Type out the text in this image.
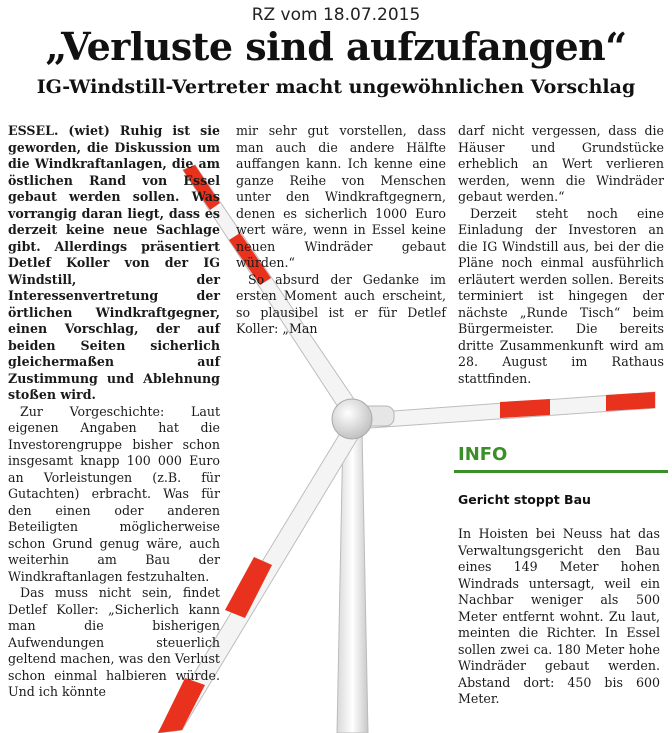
RZ vom 18.07.2015
„Verluste sind aufzufangen“
IG-Windstill-Vertreter macht ungewöhnlichen Vorschlag

ESSEL. (wiet) Ruhig ist sie geworden, die Diskussion um die Windkraftanlagen, die am östlichen Rand von Essel gebaut werden sollen. Was vorrangig daran liegt, dass es derzeit keine neue Sachlage gibt. Allerdings präsentiert Detlef Koller von der IG Windstill, der Interessenvertretung der örtlichen Windkraftgegner, einen Vorschlag, der auf beiden Seiten sicherlich gleichermaßen auf Zustimmung und Ablehnung stoßen wird.

Zur Vorgeschichte: Laut eigenen Angaben hat die Investorengruppe bisher schon insgesamt knapp 100 000 Euro an Vorleistungen (z.B. für Gutachten) erbracht. Was für den einen oder anderen Beteiligten möglicherweise schon Grund genug wäre, auch weiterhin am Bau der Windkraftanlagen festzuhalten.

Das muss nicht sein, findet Detlef Koller: „Sicherlich kann man die bisherigen Aufwendungen steuerlich geltend machen, was den Verlust schon einmal halbieren würde. Und ich könnte

mir sehr gut vorstellen, dass man auch die andere Hälfte auffangen kann. Ich kenne eine ganze Reihe von Menschen unter den Windkraftgegnern, denen es sicherlich 1000 Euro wert wäre, wenn in Essel keine neuen Windräder gebaut würden.“

So absurd der Gedanke im ersten Moment auch erscheint, so plausibel ist er für Detlef Koller: „Man

darf nicht vergessen, dass die Häuser und Grundstücke erheblich an Wert verlieren werden, wenn die Windräder gebaut werden.“

Derzeit steht noch eine Einladung der Investoren an die IG Windstill aus, bei der die Pläne noch einmal ausführlich erläutert werden sollen. Bereits terminiert ist hingegen der nächste „Runde Tisch“ beim Bürgermeister. Die bereits dritte Zusammenkunft wird am 28. August im Rathaus stattfinden.

INFO
Gericht stoppt Bau
In Hoisten bei Neuss hat das Verwaltungsgericht den Bau eines 149 Meter hohen Windrads untersagt, weil ein Nachbar weniger als 500 Meter entfernt wohnt. Zu laut, meinten die Richter. In Essel sollen zwei ca. 180 Meter hohe Windräder gebaut werden. Abstand dort: 450 bis 600 Meter.
